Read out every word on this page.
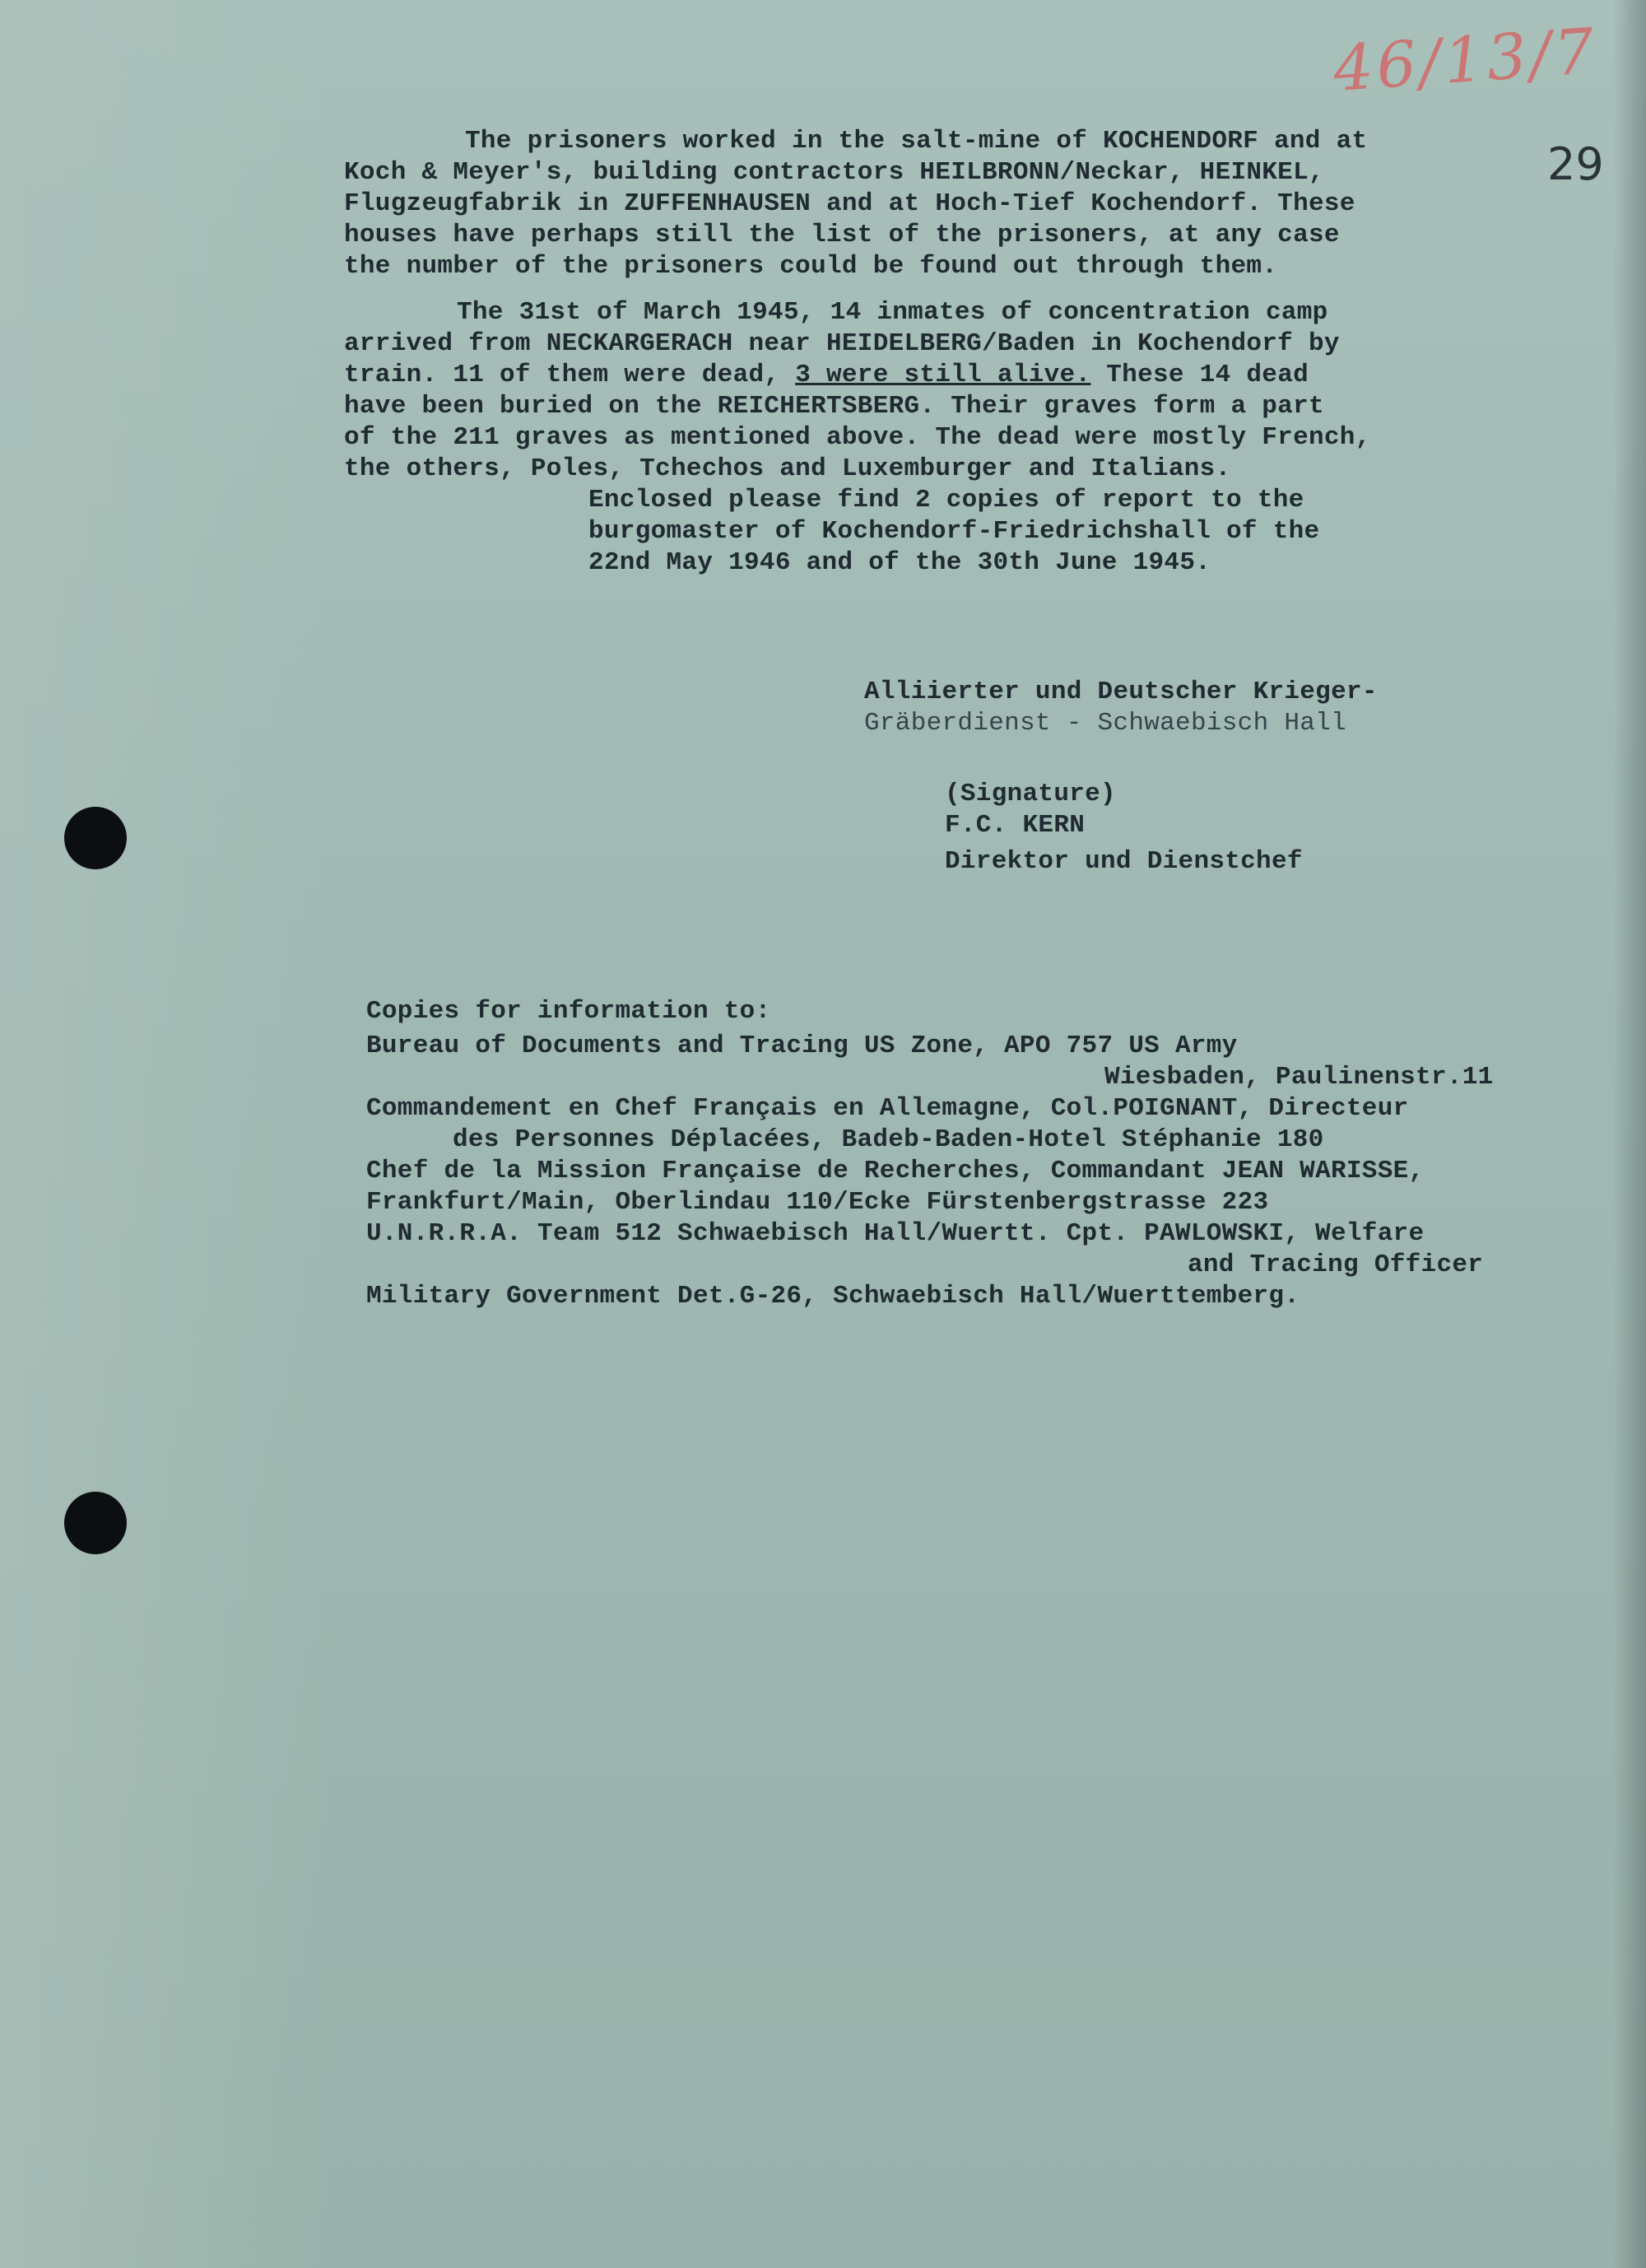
46/13/7
29
The prisoners worked in the salt-mine of KOCHENDORF and at
Koch & Meyer's, building contractors HEILBRONN/Neckar, HEINKEL,
Flugzeugfabrik in ZUFFENHAUSEN and at Hoch-Tief Kochendorf. These
houses have perhaps still the list of the prisoners, at any case
the number of the prisoners could be found out through them.
The 31st of March 1945, 14 inmates of concentration camp
arrived from NECKARGERACH near HEIDELBERG/Baden in Kochendorf by
train. 11 of them were dead, 3 were still alive. These 14 dead
have been buried on the REICHERTSBERG. Their graves form a part
of the 211 graves as mentioned above. The dead were mostly French,
the others, Poles, Tchechos and Luxemburger and Italians.
Enclosed please find 2 copies of report to the
burgomaster of Kochendorf-Friedrichshall of the
22nd May 1946 and of the 30th June 1945.
Alliierter und Deutscher Krieger-
Gräberdienst - Schwaebisch Hall
(Signature)
F.C. KERN
Direktor und Dienstchef
Copies for information to:
Bureau of Documents and Tracing US Zone, APO 757 US Army
Wiesbaden, Paulinenstr.11
Commandement en Chef Français en Allemagne, Col.POIGNANT, Directeur
des Personnes Déplacées, Badeb-Baden-Hotel Stéphanie 180
Chef de la Mission Française de Recherches, Commandant JEAN WARISSE,
Frankfurt/Main, Oberlindau 110/Ecke Fürstenbergstrasse 223
U.N.R.R.A. Team 512 Schwaebisch Hall/Wuertt. Cpt. PAWLOWSKI, Welfare
and Tracing Officer
Military Government Det.G-26, Schwaebisch Hall/Wuerttemberg.
